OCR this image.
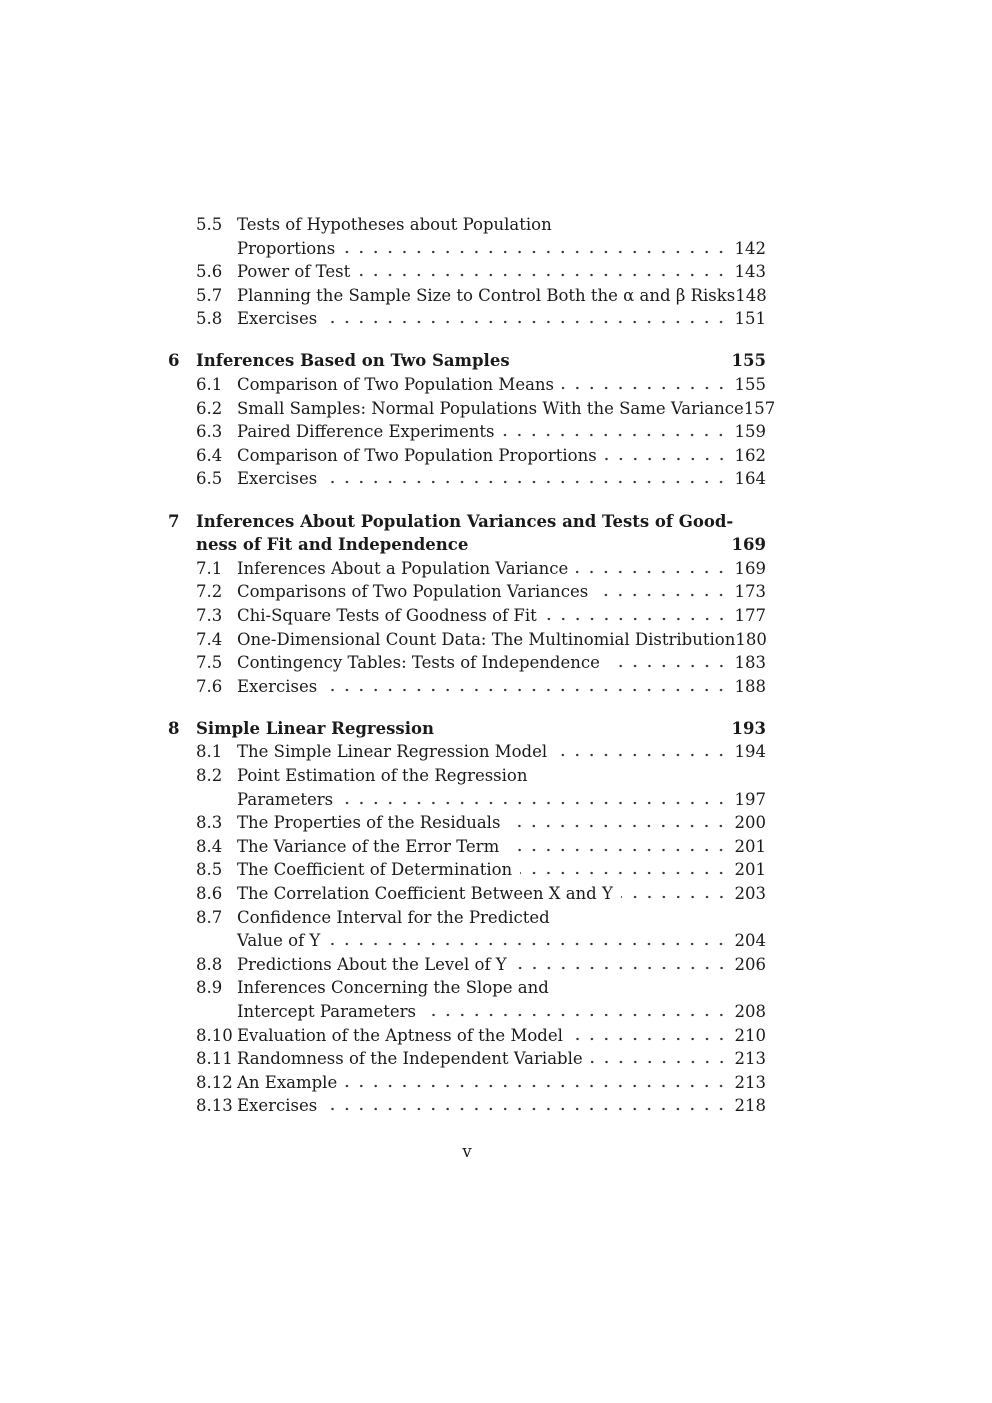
5.5 Tests of Hypotheses about Population
Proportions	142
5.6 Power of Test	143
5.7 Planning the Sample Size to Control Both the α and β Risks 148
5.8 Exercises	151
6	Inferences Based on Two Samples	155
6.1 Comparison of Two Population Means	155
6.2 Small Samples: Normal Populations With the Same Variance 157
6.3 Paired Difference Experiments	159
6.4 Comparison of Two Population Proportions	162
6.5 Exercises	164
7	Inferences About Population Variances and Tests of Good-
ness of Fit and Independence	169
7.1 Inferences About a Population Variance	169
7.2 Comparisons of Two Population Variances	173
7.3 Chi-Square Tests of Goodness of Fit	177
7.4 One-Dimensional Count Data: The Multinomial Distribution 180
7.5 Contingency Tables: Tests of Independence	183
7.6 Exercises	188
8	Simple Linear Regression	193
8.1 The Simple Linear Regression Model	194
8.2 Point Estimation of the Regression
Parameters	197
8.3 The Properties of the Residuals	200
8.4 The Variance of the Error Term	201
8.5 The Coefficient of Determination	201
8.6 The Correlation Coefficient Between X and Y	203
8.7 Confidence Interval for the Predicted
Value of Y	204
8.8 Predictions About the Level of Y	206
8.9 Inferences Concerning the Slope and
Intercept Parameters	208
8.10 Evaluation of the Aptness of the Model	210
8.11 Randomness of the Independent Variable	213
8.12 An Example	213
8.13 Exercises	218
v
